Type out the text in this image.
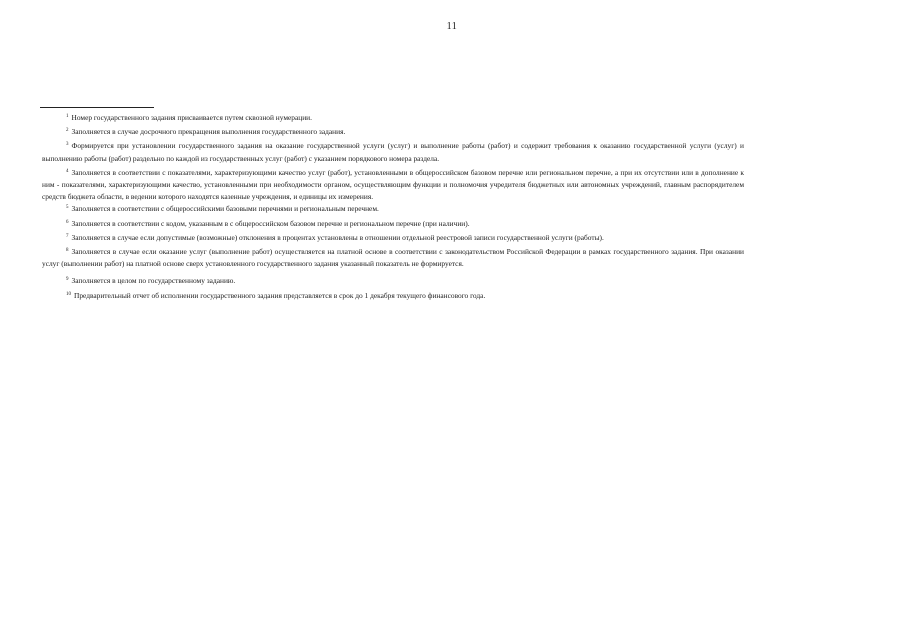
11

$^1$ Номер государственного задания присваивается путем сквозной нумерации.

$^2$ Заполняется в случае досрочного прекращения выполнения государственного задания.

$^3$ Формируется при установлении государственного задания на оказание государственной услуги (услуг) и выполнение работы (работ) и содержит требования к оказанию государственной услуги (услуг) и выполнению работы (работ) раздельно по каждой из государственных услуг (работ) с указанием порядкового номера раздела.

$^4$ Заполняется в соответствии с показателями, характеризующими качество услуг (работ), установленными в общероссийском базовом перечне или региональном перечне, а при их отсутствии или в дополнение к ним - показателями, характеризующими качество, установленными при необходимости органом, осуществляющим функции и полномочия учредителя бюджетных или автономных учреждений, главным распорядителем средств бюджета области, в ведении которого находятся казенные учреждения, и единицы их измерения.

$^5$ Заполняется в соответствии с общероссийскими базовыми перечнями и региональным перечнем.

$^6$ Заполняется в соответствии с кодом, указанным в с общероссийском базовом перечне и региональном перечне (при наличии).

$^7$ Заполняется в случае если допустимые (возможные) отклонения в процентах установлены в отношении отдельной реестровой записи государственной услуги (работы).

$^8$ Заполняется в случае если оказание услуг (выполнение работ) осуществляется на платной основе в соответствии с законодательством Российской Федерации в рамках государственного задания. При оказании услуг (выполнении работ) на платной основе сверх установленного государственного задания указанный показатель не формируется.

$^9$ Заполняется в целом по государственному заданию.

$^{10}$ Предварительный отчет об исполнении государственного задания представляется в срок до 1 декабря текущего финансового года.
